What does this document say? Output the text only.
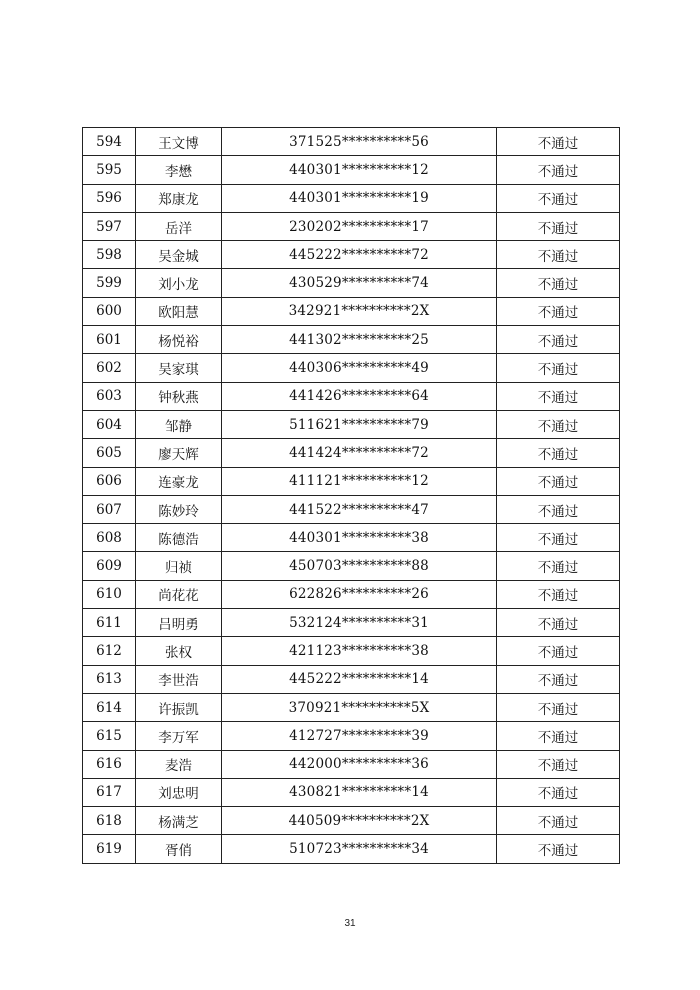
594	王文博	371525**********56	不通过
595	李懋	440301**********12	不通过
596	郑康龙	440301**********19	不通过
597	岳洋	230202**********17	不通过
598	吴金城	445222**********72	不通过
599	刘小龙	430529**********74	不通过
600	欧阳慧	342921**********2X	不通过
601	杨悦裕	441302**********25	不通过
602	吴家琪	440306**********49	不通过
603	钟秋燕	441426**********64	不通过
604	邹静	511621**********79	不通过
605	廖天辉	441424**********72	不通过
606	连豪龙	411121**********12	不通过
607	陈妙玲	441522**********47	不通过
608	陈德浩	440301**********38	不通过
609	归祯	450703**********88	不通过
610	尚花花	622826**********26	不通过
611	吕明勇	532124**********31	不通过
612	张权	421123**********38	不通过
613	李世浩	445222**********14	不通过
614	许振凯	370921**********5X	不通过
615	李万军	412727**********39	不通过
616	麦浩	442000**********36	不通过
617	刘忠明	430821**********14	不通过
618	杨满芝	440509**********2X	不通过
619	胥俏	510723**********34	不通过
31
